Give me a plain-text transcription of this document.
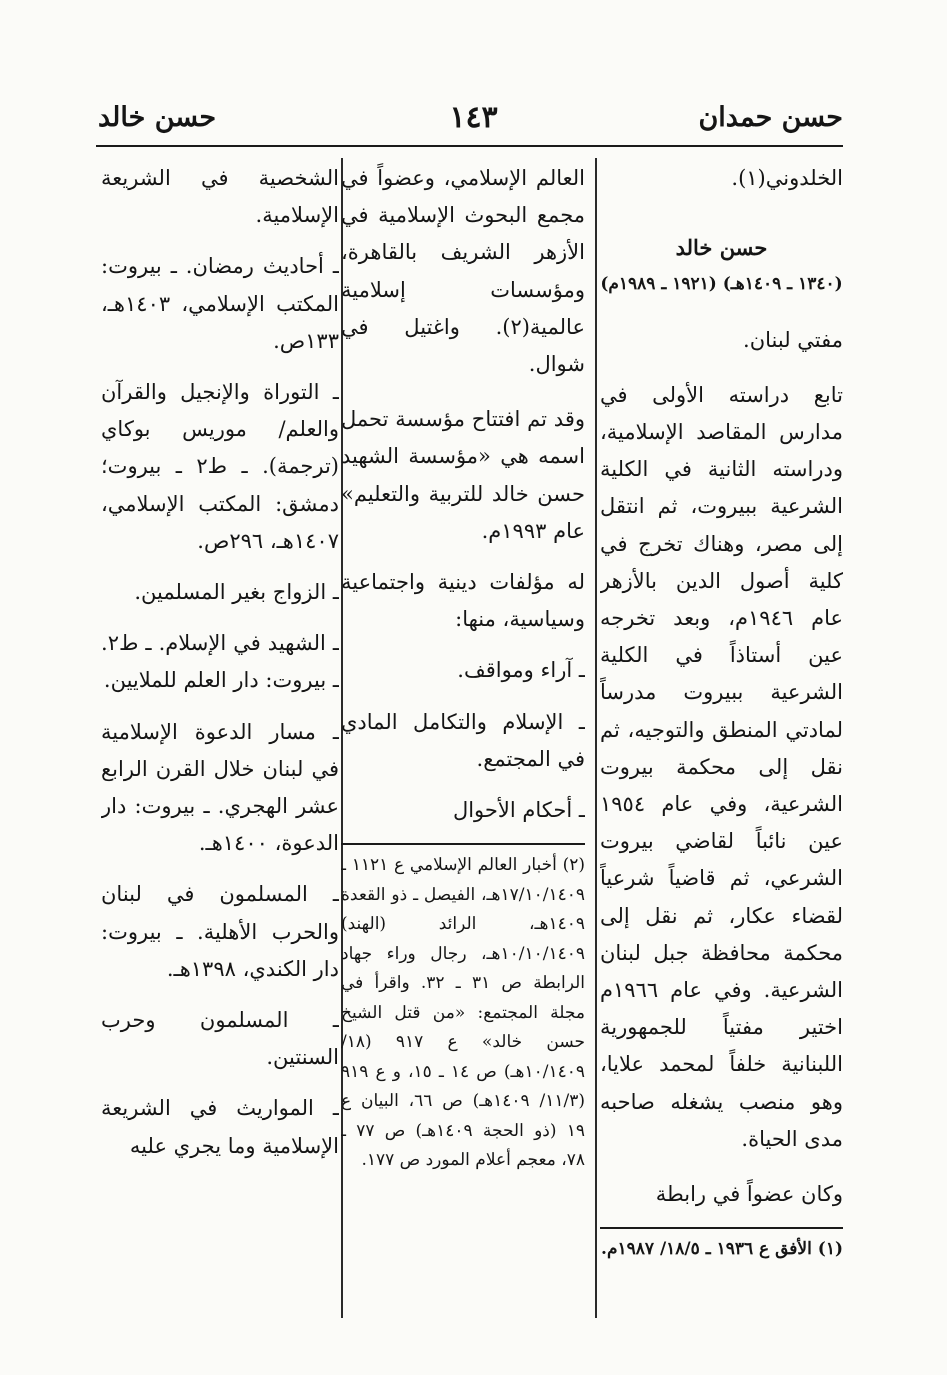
حسن حمدان
١٤٣
حسن خالد

الخلدوني(١).

حسن خالد

(١٣٤٠ ـ ١٤٠٩هـ) (١٩٢١ ـ ١٩٨٩م)

مفتي لبنان.

تابع دراسته الأولى في مدارس المقاصد الإسلامية، ودراسته الثانية في الكلية الشرعية ببيروت، ثم انتقل إلى مصر، وهناك تخرج في كلية أصول الدين بالأزهر عام ١٩٤٦م، وبعد تخرجه عين أستاذاً في الكلية الشرعية ببيروت مدرساً لمادتي المنطق والتوجيه، ثم نقل إلى محكمة بيروت الشرعية، وفي عام ١٩٥٤ عين نائباً لقاضي بيروت الشرعي، ثم قاضياً شرعياً لقضاء عكار، ثم نقل إلى محكمة محافظة جبل لبنان الشرعية. وفي عام ١٩٦٦م اختير مفتياً للجمهورية اللبنانية خلفاً لمحمد علايا، وهو منصب يشغله صاحبه مدى الحياة.

وكان عضواً في رابطة

(١) الأفق ع ١٩٣٦ ـ ١٨/٥/ ١٩٨٧م.

العالم الإسلامي، وعضواً في مجمع البحوث الإسلامية في الأزهر الشريف بالقاهرة، ومؤسسات إسلامية عالمية(٢). واغتيل في شوال.

وقد تم افتتاح مؤسسة تحمل اسمه هي «مؤسسة الشهيد حسن خالد للتربية والتعليم» عام ١٩٩٣م.

له مؤلفات دينية واجتماعية وسياسية، منها:

ـ آراء ومواقف.

ـ الإسلام والتكامل المادي في المجتمع.

ـ أحكام الأحوال

(٢) أخبار العالم الإسلامي ع ١١٢١ ـ ١٧/١٠/١٤٠٩هـ، الفيصل ـ ذو القعدة ١٤٠٩هـ، الرائد (الهند) ١٠/١٠/١٤٠٩هـ، رجال وراء جهاد الرابطة ص ٣١ ـ ٣٢. واقرأ في مجلة المجتمع: «من قتل الشيخ حسن خالد» ع ٩١٧ (١٨/ ١٠/١٤٠٩هـ) ص ١٤ ـ ١٥، و ع ٩١٩ (١١/٣/ ١٤٠٩هـ) ص ٦٦، البيان ع ١٩ (ذو الحجة ١٤٠٩هـ) ص ٧٧ ـ ٧٨، معجم أعلام المورد ص ١٧٧.

الشخصية في الشريعة الإسلامية.

ـ أحاديث رمضان. ـ بيروت: المكتب الإسلامي، ١٤٠٣هـ، ١٣٣ص.

ـ التوراة والإنجيل والقرآن والعلم/ موريس بوكاي (ترجمة). ـ ط٢ ـ بيروت؛ دمشق: المكتب الإسلامي، ١٤٠٧هـ، ٢٩٦ص.

ـ الزواج بغير المسلمين.

ـ الشهيد في الإسلام. ـ ط٢. ـ بيروت: دار العلم للملايين.

ـ مسار الدعوة الإسلامية في لبنان خلال القرن الرابع عشر الهجري. ـ بيروت: دار الدعوة، ١٤٠٠هـ.

ـ المسلمون في لبنان والحرب الأهلية. ـ بيروت: دار الكندي، ١٣٩٨هـ.

ـ المسلمون وحرب السنتين.

ـ المواريث في الشريعة الإسلامية وما يجري عليه
